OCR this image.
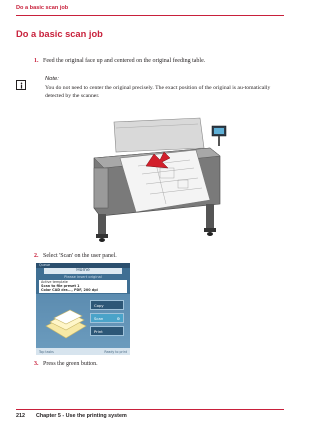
Do a basic scan job
Do a basic scan job
1. Feed the original face up and centered on the original feeding table.
Note:
You do not need to center the original precisely. The exact position of the original is au-tomatically detected by the scanner.
2. Select 'Scan' on the user panel.
Queue
Home
Please insert original
Active template
Scan to file preset 1
Color CAD dra..., PDF, 200 dpi
Copy
Scan	⚙
Print
Top tasks	Ready to print
3. Press the green button.
212 Chapter 5 - Use the printing system
